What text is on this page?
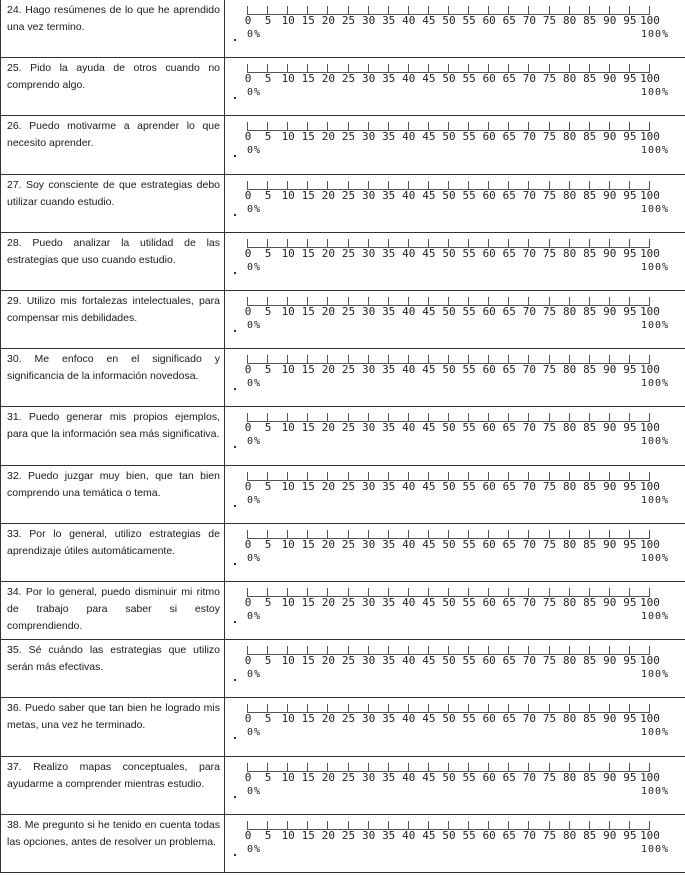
24. Hago resúmenes de lo que he aprendido una vez termino.	0 5 10 15 20 25 30 35 40 45 50 55 60 65 70 75 80 85 90 95 100
0%	100%
25. Pido la ayuda de otros cuando no comprendo algo.	0 5 10 15 20 25 30 35 40 45 50 55 60 65 70 75 80 85 90 95 100
0%	100%
26. Puedo motivarme a aprender lo que necesito aprender.	0 5 10 15 20 25 30 35 40 45 50 55 60 65 70 75 80 85 90 95 100
0%	100%
27. Soy consciente de que estrategias debo utilizar cuando estudio.	0 5 10 15 20 25 30 35 40 45 50 55 60 65 70 75 80 85 90 95 100
0%	100%
28. Puedo analizar la utilidad de las estrategias que uso cuando estudio.	0 5 10 15 20 25 30 35 40 45 50 55 60 65 70 75 80 85 90 95 100
0%	100%
29. Utilizo mis fortalezas intelectuales, para compensar mis debilidades.	0 5 10 15 20 25 30 35 40 45 50 55 60 65 70 75 80 85 90 95 100
0%	100%
30. Me enfoco en el significado y significancia de la información novedosa.	0 5 10 15 20 25 30 35 40 45 50 55 60 65 70 75 80 85 90 95 100
0%	100%
31. Puedo generar mis propios ejemplos, para que la información sea más significativa.	0 5 10 15 20 25 30 35 40 45 50 55 60 65 70 75 80 85 90 95 100
0%	100%
32. Puedo juzgar muy bien, que tan bien comprendo una temática o tema.	0 5 10 15 20 25 30 35 40 45 50 55 60 65 70 75 80 85 90 95 100
0%	100%
33. Por lo general, utilizo estrategias de aprendizaje útiles automáticamente.	0 5 10 15 20 25 30 35 40 45 50 55 60 65 70 75 80 85 90 95 100
0%	100%
34. Por lo general, puedo disminuir mi ritmo de trabajo para saber si estoy comprendiendo.
0 5 10 15 20 25 30 35 40 45 50 55 60 65 70 75 80 85 90 95 100
0%	100%
35. Sé cuándo las estrategias que utilizo serán más efectivas.	0 5 10 15 20 25 30 35 40 45 50 55 60 65 70 75 80 85 90 95 100
0%	100%
36. Puedo saber que tan bien he logrado mis metas, una vez he terminado.	0 5 10 15 20 25 30 35 40 45 50 55 60 65 70 75 80 85 90 95 100
0%	100%
37. Realizo mapas conceptuales, para ayudarme a comprender mientras estudio.	0 5 10 15 20 25 30 35 40 45 50 55 60 65 70 75 80 85 90 95 100
0%	100%
38. Me pregunto si he tenido en cuenta todas las opciones, antes de resolver un problema.	0 5 10 15 20 25 30 35 40 45 50 55 60 65 70 75 80 85 90 95 100
0%	100%
